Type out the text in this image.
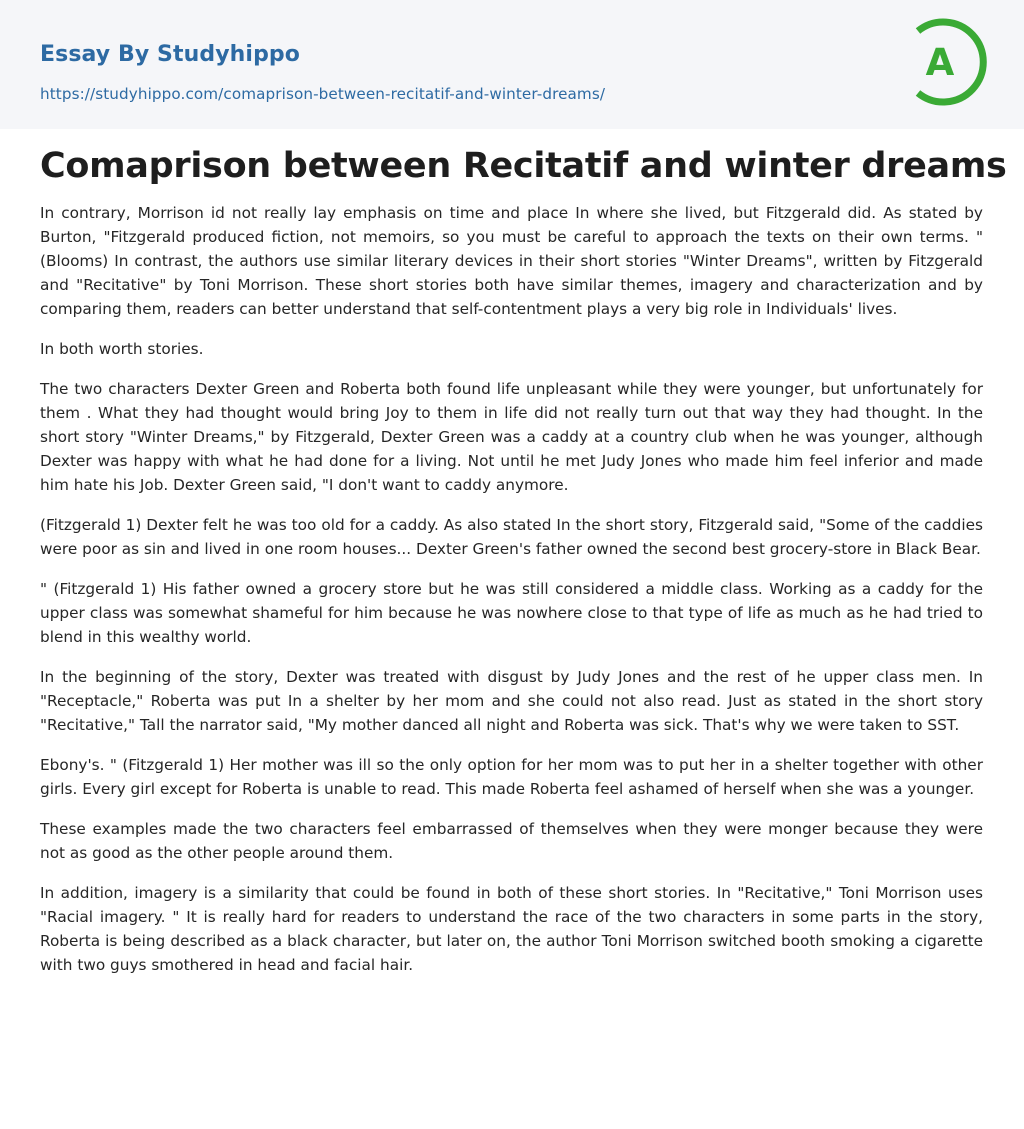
Essay By Studyhippo
https://studyhippo.com/comaprison-between-recitatif-and-winter-dreams/
A
Comaprison between Recitatif and winter dreams

In contrary, Morrison id not really lay emphasis on time and place In where she lived, but Fitzgerald did. As stated by Burton, "Fitzgerald produced fiction, not memoirs, so you must be careful to approach the texts on their own terms. " (Blooms) In contrast, the authors use similar literary devices in their short stories "Winter Dreams", written by Fitzgerald and "Recitative" by Toni Morrison. These short stories both have similar themes, imagery and characterization and by comparing them, readers can better understand that self-contentment plays a very big role in Individuals' lives.

In both worth stories.

The two characters Dexter Green and Roberta both found life unpleasant while they were younger, but unfortunately for them . What they had thought would bring Joy to them in life did not really turn out that way they had thought. In the short story "Winter Dreams," by Fitzgerald, Dexter Green was a caddy at a country club when he was younger, although Dexter was happy with what he had done for a living. Not until he met Judy Jones who made him feel inferior and made him hate his Job. Dexter Green said, "I don't want to caddy anymore.

(Fitzgerald 1) Dexter felt he was too old for a caddy. As also stated In the short story, Fitzgerald said, "Some of the caddies were poor as sin and lived in one room houses... Dexter Green's father owned the second best grocery-store in Black Bear.

" (Fitzgerald 1) His father owned a grocery store but he was still considered a middle class. Working as a caddy for the upper class was somewhat shameful for him because he was nowhere close to that type of life as much as he had tried to blend in this wealthy world.

In the beginning of the story, Dexter was treated with disgust by Judy Jones and the rest of he upper class men. In "Receptacle," Roberta was put In a shelter by her mom and she could not also read. Just as stated in the short story "Recitative," Tall the narrator said, "My mother danced all night and Roberta was sick. That's why we were taken to SST.

Ebony's. " (Fitzgerald 1) Her mother was ill so the only option for her mom was to put her in a shelter together with other girls. Every girl except for Roberta is unable to read. This made Roberta feel ashamed of herself when she was a younger.

These examples made the two characters feel embarrassed of themselves when they were monger because they were not as good as the other people around them.

In addition, imagery is a similarity that could be found in both of these short stories. In "Recitative," Toni Morrison uses "Racial imagery. " It is really hard for readers to understand the race of the two characters in some parts in the story, Roberta is being described as a black character, but later on, the author Toni Morrison switched booth smoking a cigarette with two guys smothered in head and facial hair.
